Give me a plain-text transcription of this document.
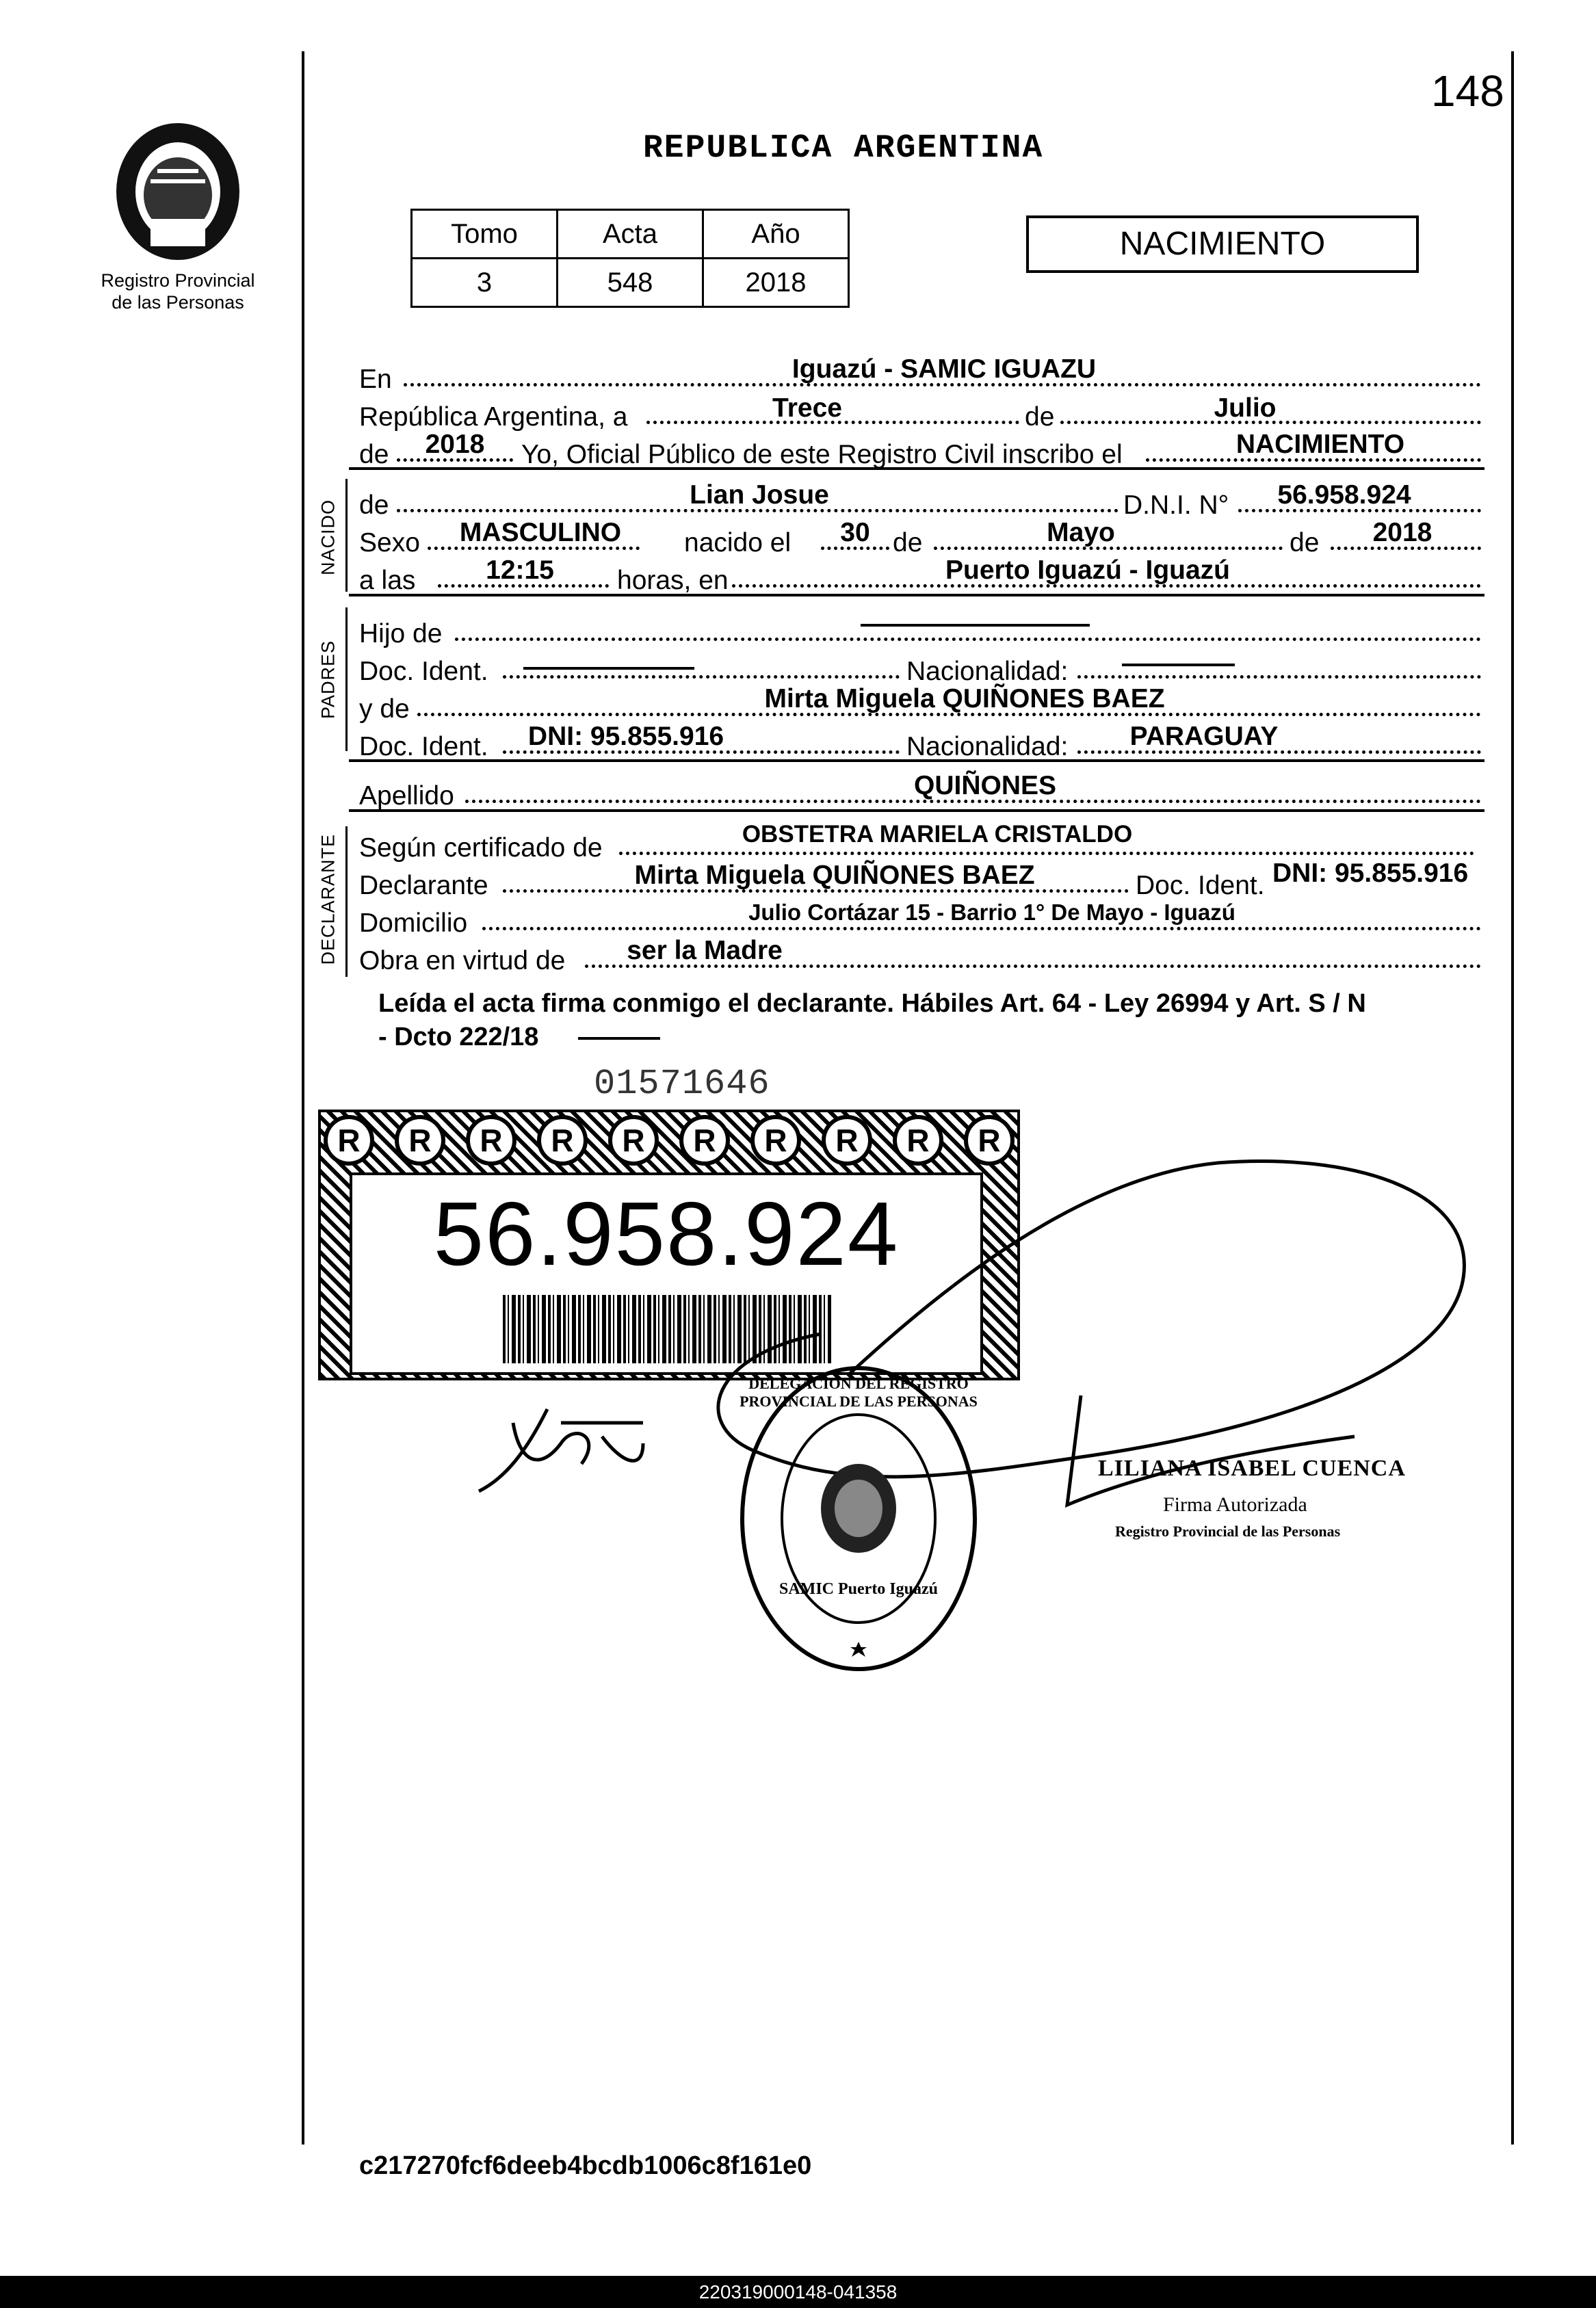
148
Registro Provincial
de las Personas
REPUBLICA ARGENTINA
Tomo	Acta	Año
3	548	2018
NACIMIENTO
En	Iguazú - SAMIC IGUAZU
República Argentina, a	Trece	de	Julio
de	2018	Yo, Oficial Público de este Registro Civil inscribo el	NACIMIENTO
NACIDO de	Lian Josue	D.N.I. N°	56.958.924
Sexo	MASCULINO	nacido el	30 de	Mayo	de	2018
a las	12:15	horas, en	Puerto Iguazú - Iguazú
PADRES
Hijo de
Doc. Ident.	Nacionalidad:
y de	Mirta Miguela QUIÑONES BAEZ
Doc. Ident.	DNI: 95.855.916	Nacionalidad:	PARAGUAY
Apellido	QUIÑONES
DECLARANTE Según certificado de	OBSTETRA MARIELA CRISTALDO
Declarante	Mirta Miguela QUIÑONES BAEZ	Doc. Ident. DNI: 95.855.916
Domicilio	Julio Cortázar 15 - Barrio 1° De Mayo - Iguazú
Obra en virtud de	ser la Madre
Leída el acta firma conmigo el declarante. Hábiles Art. 64 - Ley 26994 y Art. S / N
- Dcto 222/18
01571646
R	R	R	R	R	R	R	R	R	R
56.958.924
DELEGACION DEL REGISTRO PROVINCIAL DE LAS PERSONAS
SAMIC Puerto Iguazú
LILIANA ISABEL CUENCA
Firma Autorizada
Registro Provincial de las Personas
c217270fcf6deeb4bcdb1006c8f161e0
220319000148-041358
